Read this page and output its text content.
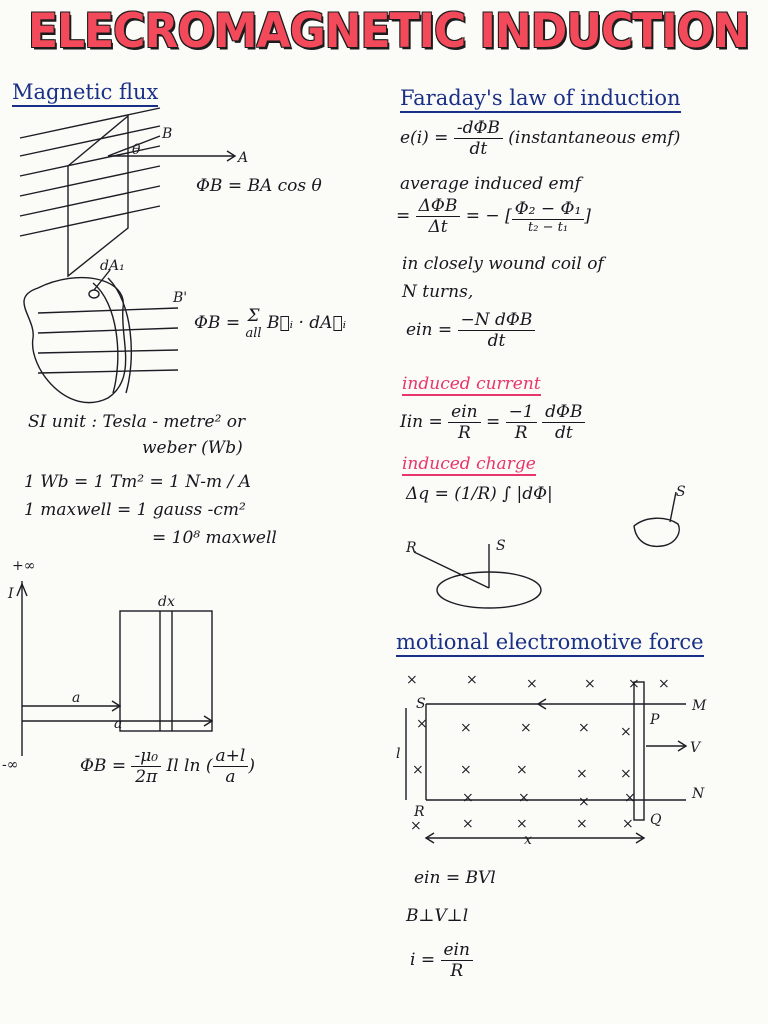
ELECROMAGNETIC INDUCTION
Magnetic flux
B
θ	A
ΦB = BA cos θ
dA₁
B'
ΦB = Σ
all
B⃗ᵢ · dA⃗ᵢ
SI unit : Tesla - metre² or
weber (Wb)
1 Wb = 1 Tm² = 1 N-m / A
1 maxwell = 1 gauss -cm²
= 10⁸ maxwell
+∞
I	dx
a
a
-∞	$\Phi B = \frac{\text{-μ₀}}{2\pi}$ Il ln ( $\frac{a+l}{a}$ )
Faraday's law of induction
$e(i) = \frac{\text{-dΦB}}{dt}$ (instantaneous emf)
average induced emf
= $\frac{\text{ΔΦB}}{\Delta t}$ = − [ $\frac{\text{Φ₂ − Φ₁}}{\text{t₂ − t₁}}$ ]
in closely wound coil of
N turns,
ein = $\frac{\text{−N dΦB}}{dt}$
induced current
Iin = $\frac{\text{ein}}{R} = \frac{-1}{R}$
$\frac{\text{dΦB}}{dt}$
induced charge
Δq = (1/R) ∫ |dΦ|	S
R	S
motional electromotive force
M
N
P
Q
S
R
V
l
x
×	×	×	× × ×
×	×	× ×
×
×	×	× ×
×
×	×	× ×
×	×	× ×
×
ein = BVl
B⊥V⊥l
$i = \frac{\text{ein}}{R}$
